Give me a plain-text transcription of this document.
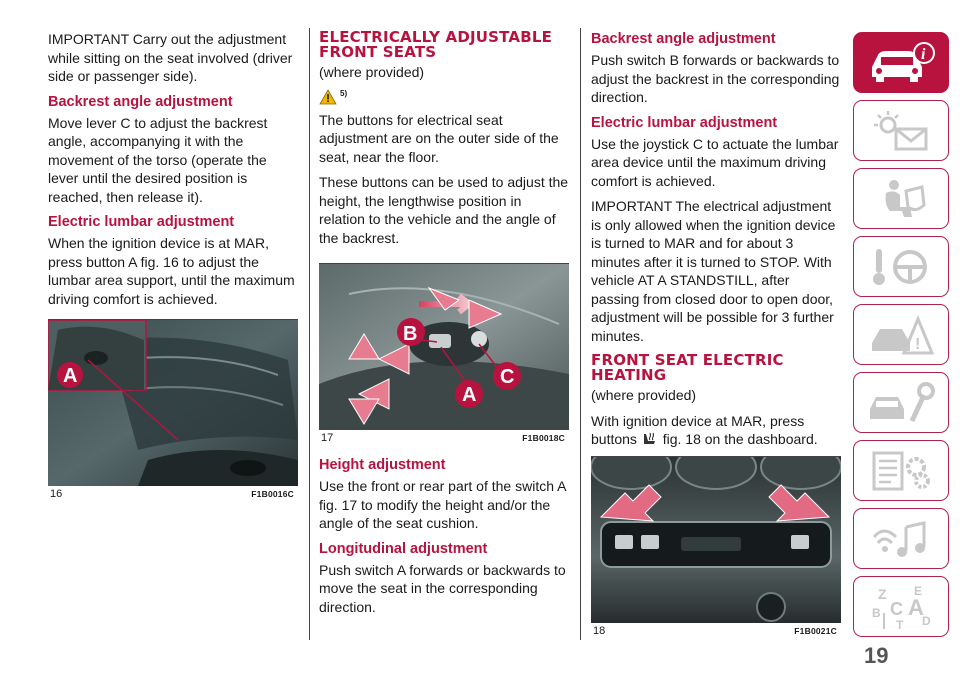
IMPORTANT Carry out the adjustment while sitting on the seat involved (driver side or passenger side).

Backrest angle adjustment

Move lever C to adjust the backrest angle, accompanying it with the movement of the torso (operate the lever until the desired position is reached, then release it).

Electric lumbar adjustment

When the ignition device is at MAR, press button A fig. 16 to adjust the lumbar area support, until the maximum driving comfort is achieved.

A
16	F1B0016C
ELECTRICALLY ADJUSTABLE FRONT SEATS

(where provided)

$^{5)}$

The buttons for electrical seat adjustment are on the outer side of the seat, near the floor.

These buttons can be used to adjust the height, the lengthwise position in relation to the vehicle and the angle of the backrest.

B
A
C
17	F1B0018C
Height adjustment

Use the front or rear part of the switch A fig. 17 to modify the height and/or the angle of the seat cushion.

Longitudinal adjustment

Push switch A forwards or backwards to move the seat in the corresponding direction.

Backrest angle adjustment

Push switch B forwards or backwards to adjust the backrest in the corresponding direction.

Electric lumbar adjustment

Use the joystick C to actuate the lumbar area device until the maximum driving comfort is achieved.

IMPORTANT The electrical adjustment is only allowed when the ignition device is turned to MAR and for about 3 minutes after it is turned to STOP. With vehicle AT A STANDSTILL, after passing from closed door to open door, adjustment will be possible for 3 further minutes.

FRONT SEAT ELECTRIC HEATING

(where provided)

With ignition device at MAR, press buttons fig. 18 on the dashboard.

18	F1B0021C
i
!
Z E
B C A
D
T
19
